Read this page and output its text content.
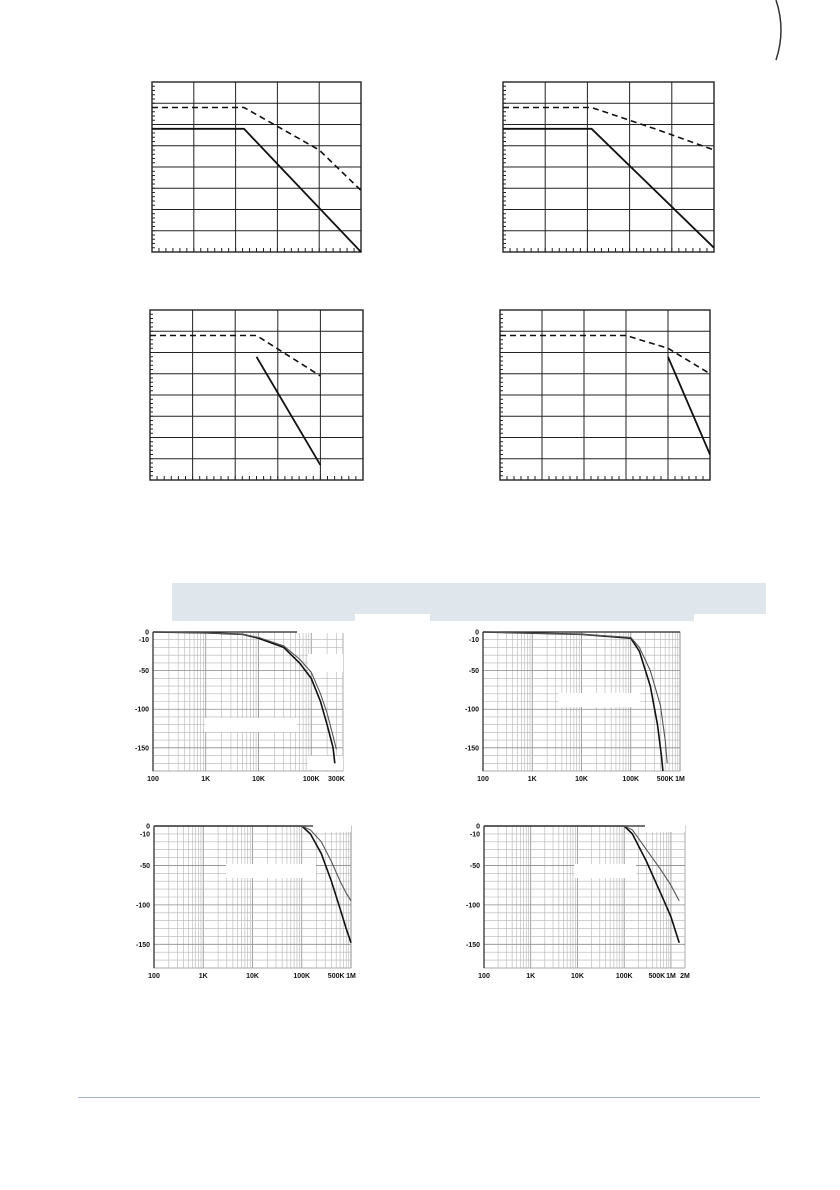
0
-10
-50
-100
-150
100	1K	10K	100K 300K
0
-10
-50
-100
-150
100	1K	10K	100K	500K 1M
0
-10
-50
-100
-150
100	1K	10K	100K	500K 1M
0
-10
-50
-100
-150
100	1K	10K	100K 500K 1M 2M
